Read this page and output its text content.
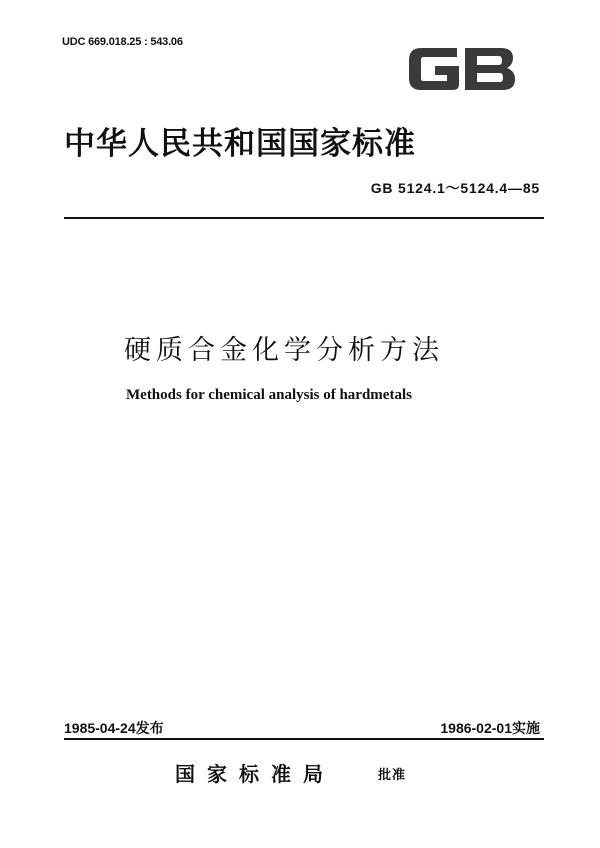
UDC 669.018.25 : 543.06
中华人民共和国国家标准
GB 5124.1～5124.4—85
硬质合金化学分析方法
Methods for chemical analysis of hardmetals
1985-04-24发布	1986-02-01实施
国家标准局	批准
